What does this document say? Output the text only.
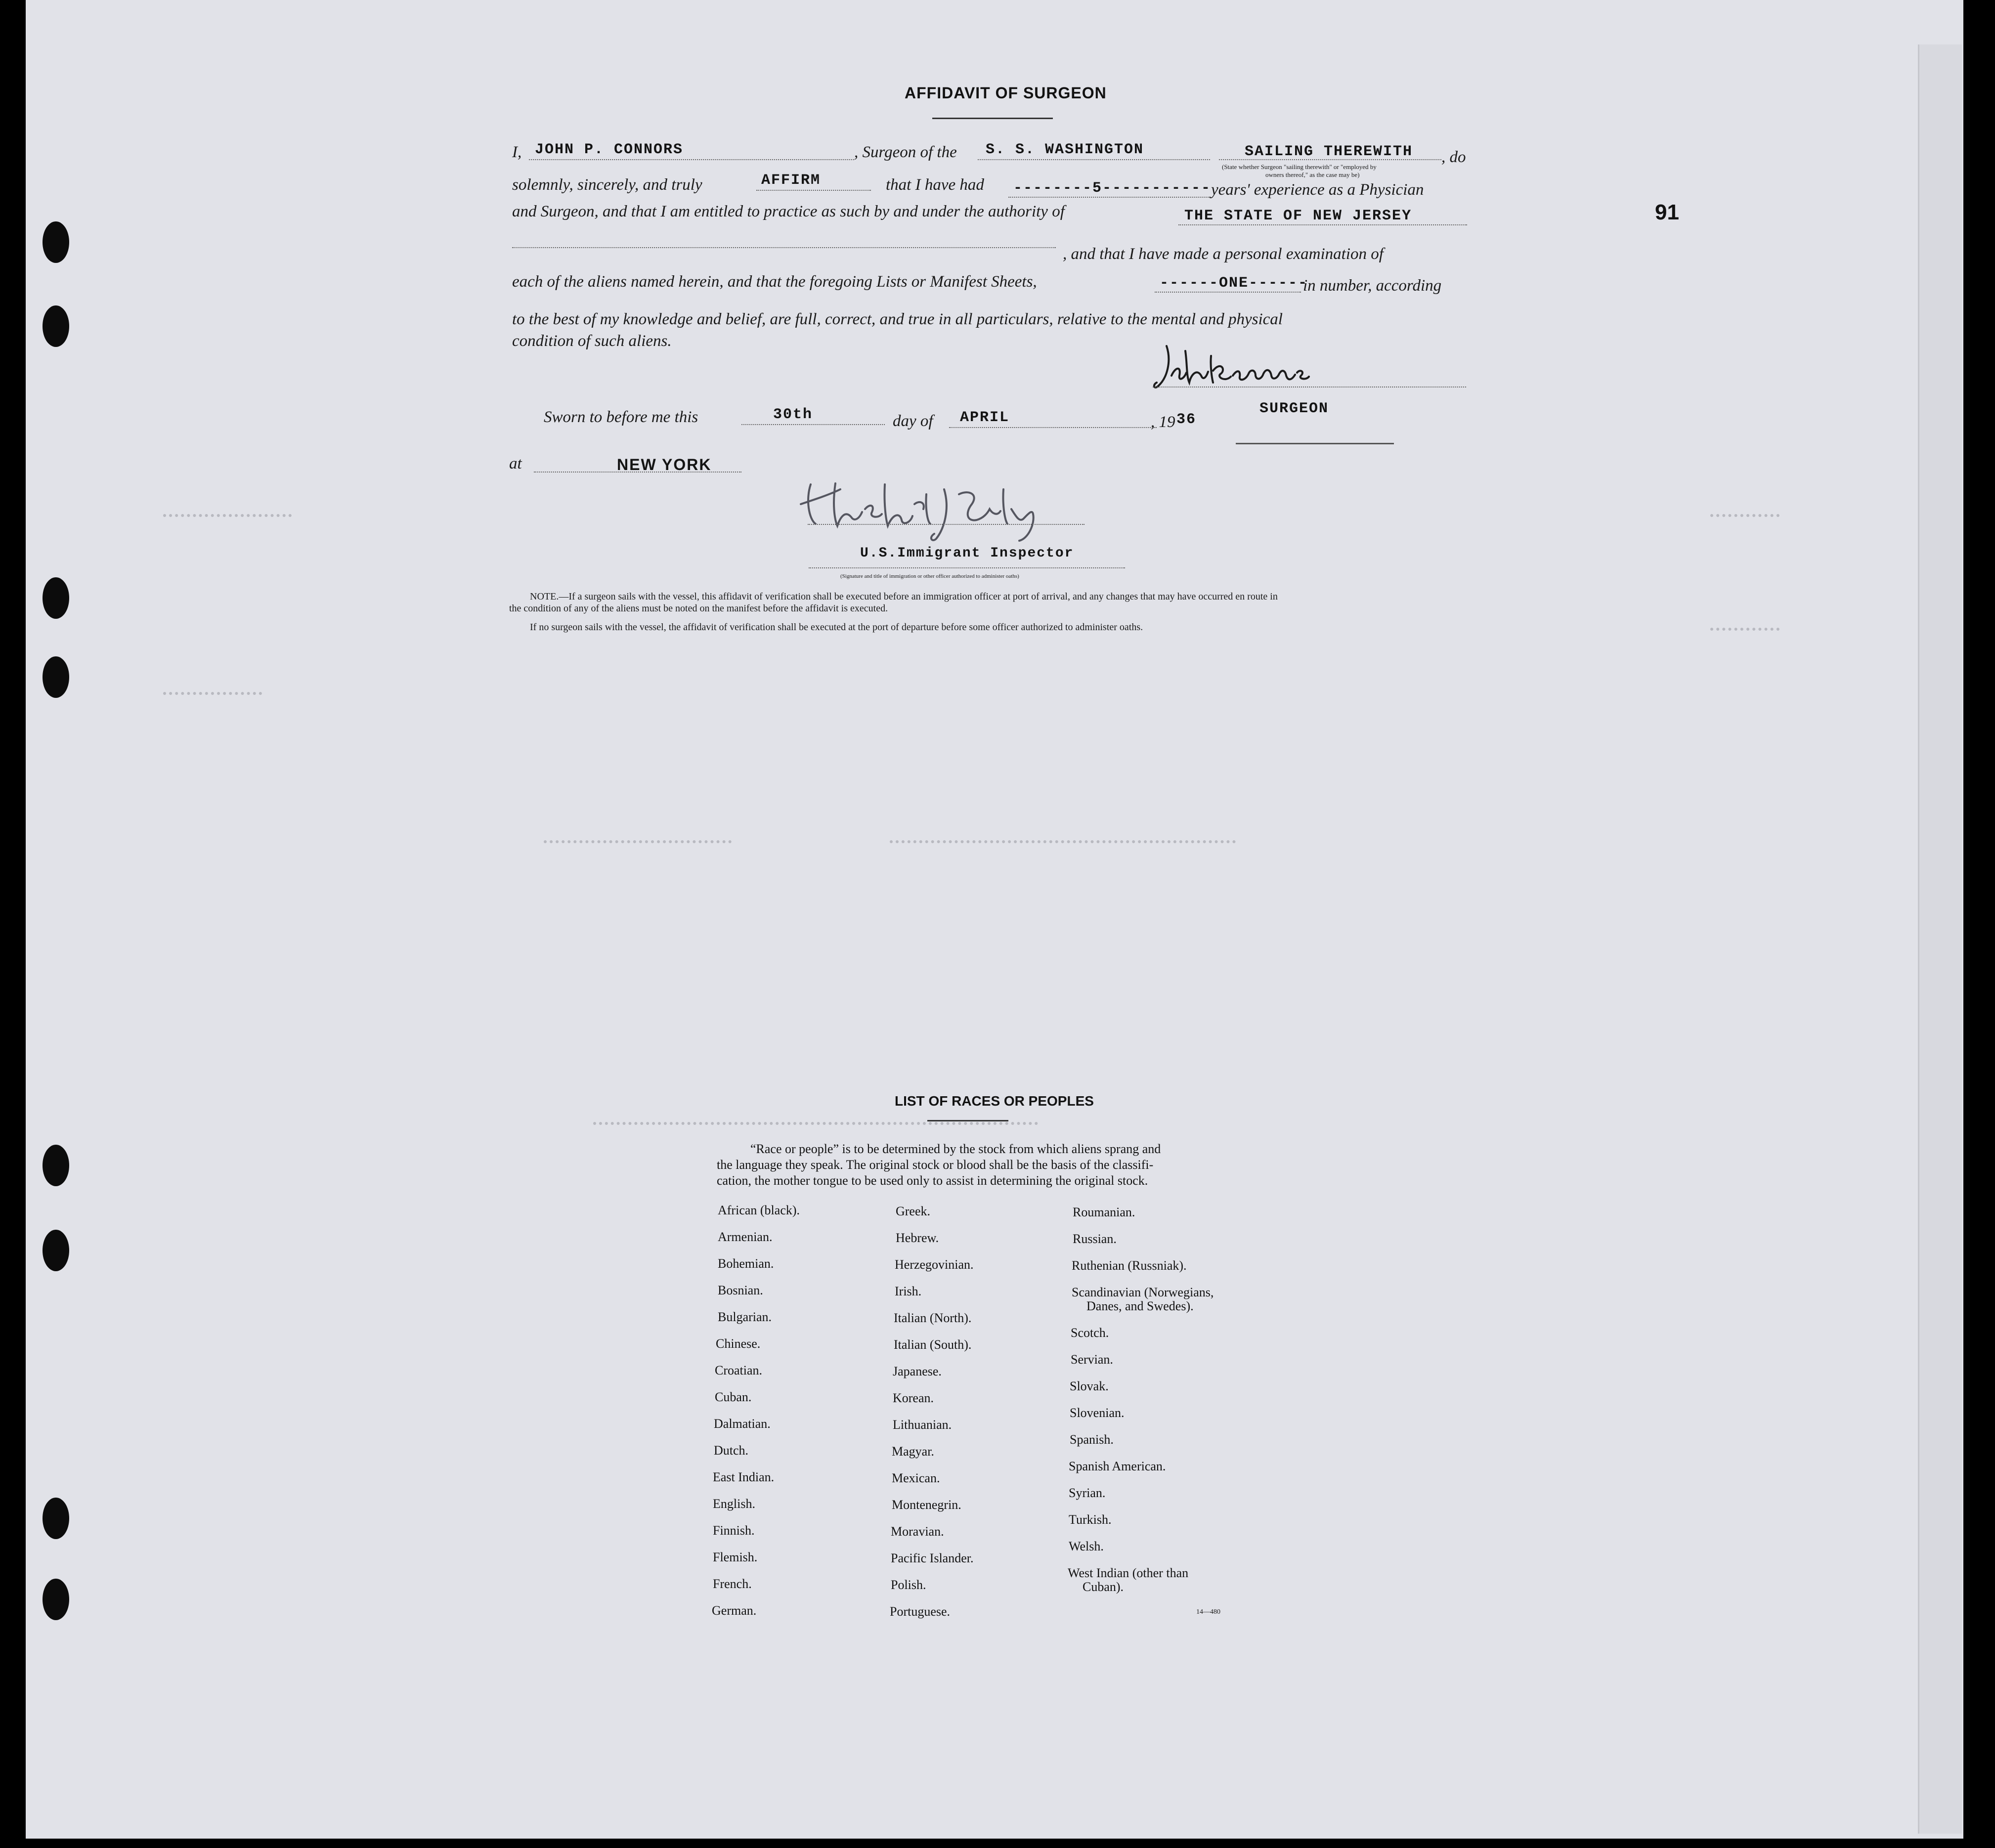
91
AFFIDAVIT OF SURGEON
I, JOHN P. CONNORS	, Surgeon of the S. S. WASHINGTON	SAILING THEREWITH , do
(State whether Surgeon "sailing therewith" or "employed by
owners thereof," as the case may be)
solemnly, sincerely, and truly	AFFIRM	that I have had --------5----------- years' experience as a Physician
and Surgeon, and that I am entitled to practice as such by and under the authority of	THE STATE OF NEW JERSEY
, and that I have made a personal examination of
each of the aliens named herein, and that the foregoing Lists or Manifest Sheets,	------ONE------
in number, according
to the best of my knowledge and belief, are full, correct, and true in all particulars, relative to the mental and physical
condition of such aliens.
SURGEON
Sworn to before me this	30th	day of APRIL	, 19 36
at	NEW YORK
U.S.Immigrant Inspector
(Signature and title of immigration or other officer authorized to administer oaths)
NOTE.—If a surgeon sails with the vessel, this affidavit of verification shall be executed before an immigration officer at port of arrival, and any changes that may have occurred en route in
the condition of any of the aliens must be noted on the manifest before the affidavit is executed.
If no surgeon sails with the vessel, the affidavit of verification shall be executed at the port of departure before some officer authorized to administer oaths.
LIST OF RACES OR PEOPLES
“Race or people” is to be determined by the stock from which aliens sprang and
the language they speak. The original stock or blood shall be the basis of the classifi-
cation, the mother tongue to be used only to assist in determining the original stock.
African (black).
Armenian.
Bohemian.
Bosnian.
Bulgarian.
Chinese.
Croatian.
Cuban.
Dalmatian.
Dutch.
East Indian.
English.
Finnish.
Flemish.
French.
German.
Greek.
Hebrew.
Herzegovinian.
Irish.
Italian (North).
Italian (South).
Japanese.
Korean.
Lithuanian.
Magyar.
Mexican.
Montenegrin.
Moravian.
Pacific Islander.
Polish.
Portuguese.
Roumanian.
Russian.
Ruthenian (Russniak).
Scandinavian (Norwegians,
Danes, and Swedes).
Scotch.
Servian.
Slovak.
Slovenian.
Spanish.
Spanish American.
Syrian.
Turkish.
Welsh.
West Indian (other than
Cuban).
14—480
